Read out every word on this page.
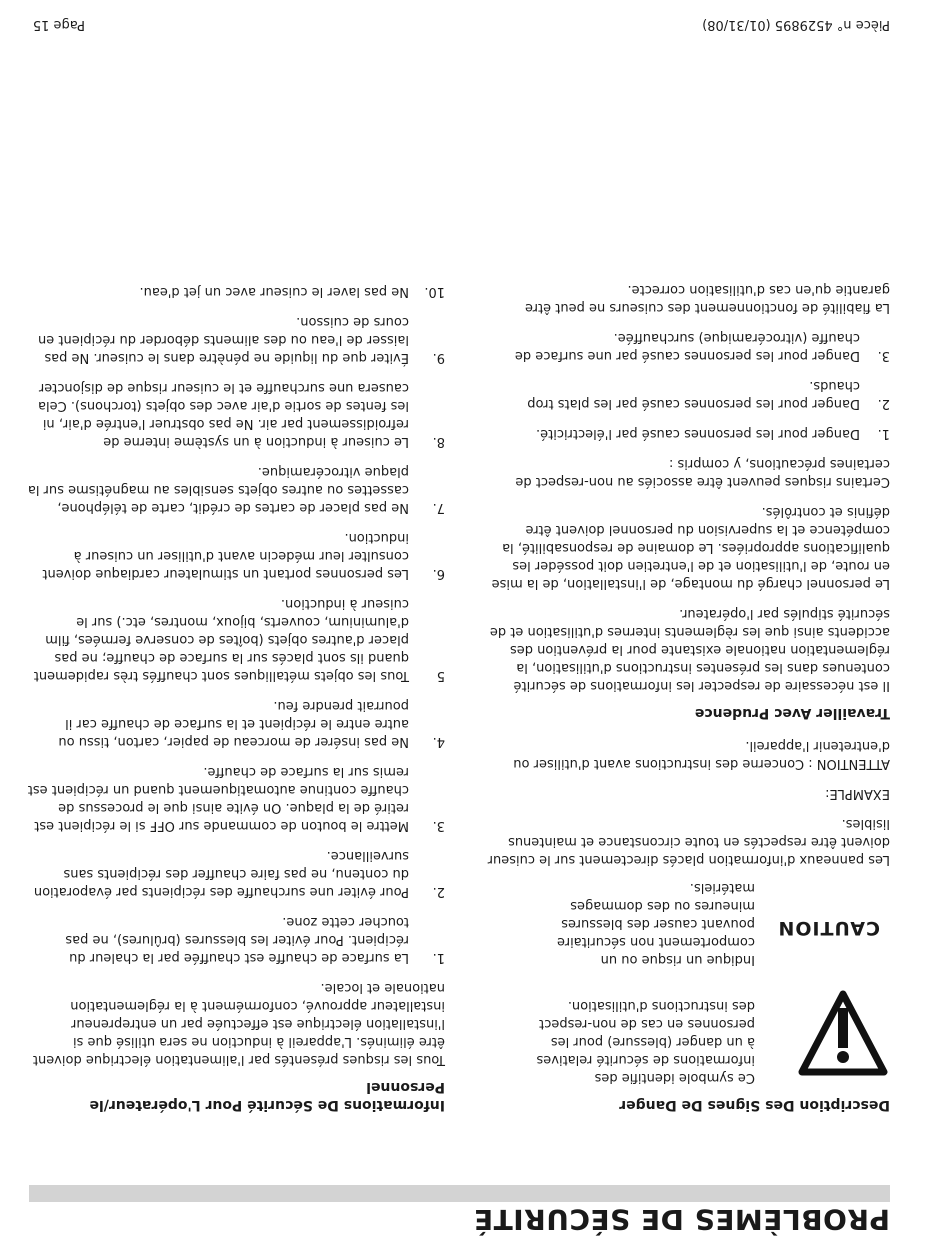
PROBLÈMES DE SÉCURITÉ
Description Des Signes De Danger
Ce symbole identifie des informations de sécurité relatives à un danger (blessure) pour les personnes en cas de non-respect des instructions d'utilisation.
CAUTION
Indique un risque ou un comportement non sécuritaire pouvant causer des blessures mineures ou des dommages matériels.

Les panneaux d'information placés directement sur le cuiseur doivent être respectés en toute circonstance et maintenus lisibles.

EXAMPLE:

ATTENTION : Concerne des instructions avant d'utiliser ou d'entretenir l'appareil.

Travailler Avec Prudence

Il est nécessaire de respecter les informations de sécurité contenues dans les présentes instructions d'utilisation, la réglementation nationale existante pour la prévention des accidents ainsi que les règlements internes d'utilisation et de sécurité stipulés par l'opérateur.

Le personnel chargé du montage, de l'installation, de la mise en route, de l'utilisation et de l'entretien doit posséder les qualifications appropriées. Le domaine de responsabilité, la compétence et la supervision du personnel doivent être définis et contrôlés.

Certains risques peuvent être associés au non-respect de certaines précautions, y compris :

1.
Danger pour les personnes causé par l'électricité.
2.
Danger pour les personnes causé par les plats trop chauds.
3.
Danger pour les personnes causé par une surface de chauffe (vitrocéramique) surchauffée.

La fiabilité de fonctionnement des cuiseurs ne peut être garantie qu'en cas d'utilisation correcte.

Informations De Sécurité Pour L'opérateur/le Personnel

Tous les risques présentés par l'alimentation électrique doivent être éliminés. L'appareil à induction ne sera utilisé que si l'installation électrique est effectuée par un entrepreneur installateur approuvé, conformément à la réglementation nationale et locale.

1.
La surface de chauffe est chauffée par la chaleur du récipient. Pour éviter les blessures (brûlures), ne pas toucher cette zone.
2.
Pour éviter une surchauffe des récipients par évaporation du contenu, ne pas faire chauffer des récipients sans surveillance.
3.
Mettre le bouton de commande sur OFF si le récipient est retiré de la plaque. On évite ainsi que le processus de chauffe continue automatiquement quand un récipient est remis sur la surface de chauffe.
4.
Ne pas insérer de morceau de papier, carton, tissu ou autre entre le récipient et la surface de chauffe car il pourrait prendre feu.
5
Tous les objets métalliques sont chauffés très rapidement quand ils sont placés sur la surface de chauffe; ne pas placer d'autres objets (boîtes de conserve fermées, film d'aluminium, couverts, bijoux, montres, etc.) sur le cuiseur à induction.
6.
Les personnes portant un stimulateur cardiaque doivent consulter leur médecin avant d'utiliser un cuiseur à induction.
7.
Ne pas placer de cartes de crédit, carte de téléphone, cassettes ou autres objets sensibles au magnétisme sur la plaque vitrocéramique.
8.
Le cuiseur à induction à un système interne de refroidissement par air. Ne pas obstruer l'entrée d'air, ni les fentes de sortie d'air avec des objets (torchons). Cela causera une surchauffe et le cuiseur risque de disjoncter
9.
Éviter que du liquide ne pénètre dans le cuiseur. Ne pas laisser de l'eau ou des aliments déborder du récipient en cours de cuisson.
10.
Ne pas laver le cuiseur avec un jet d'eau.
Pièce n° 4529895 (01/31/08)
Page 15
